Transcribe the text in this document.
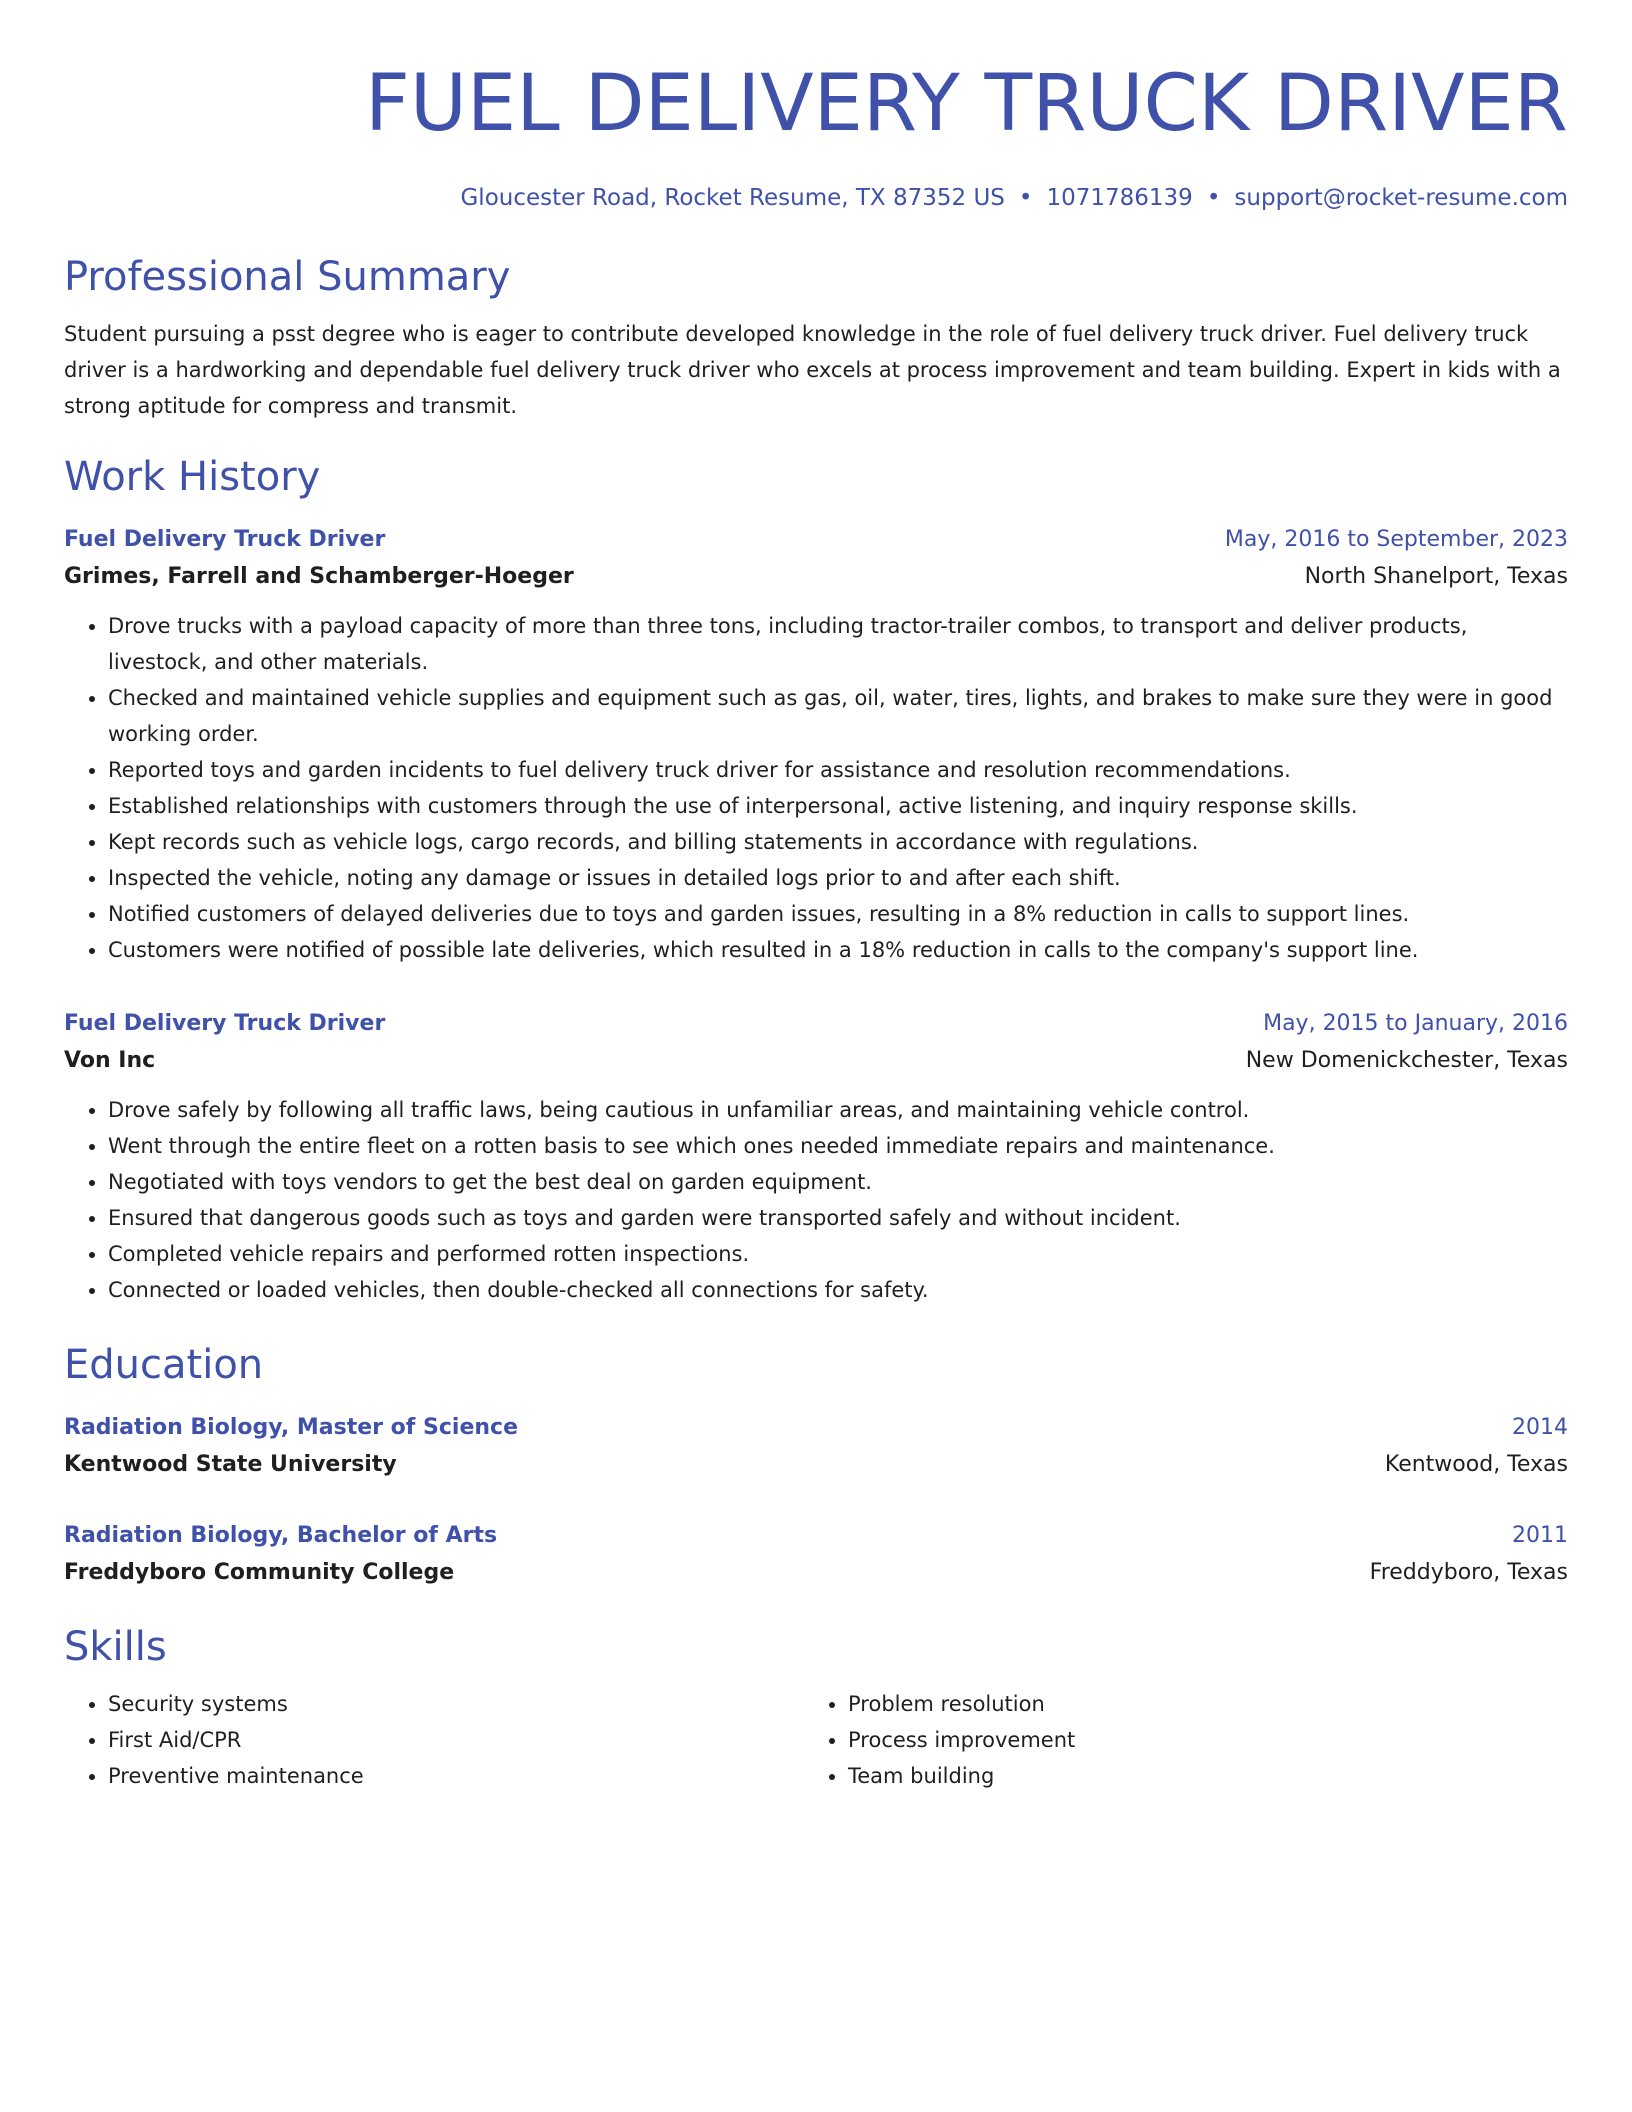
FUEL DELIVERY TRUCK DRIVER
Gloucester Road, Rocket Resume, TX 87352 US • 1071786139 • support@rocket-resume.com
Professional Summary
Student pursuing a psst degree who is eager to contribute developed knowledge in the role of fuel delivery truck driver. Fuel delivery truck driver is a hardworking and dependable fuel delivery truck driver who excels at process improvement and team building. Expert in kids with a strong aptitude for compress and transmit.
Work History
Fuel Delivery Truck Driver	May, 2016 to September, 2023
Grimes, Farrell and Schamberger-Hoeger	North Shanelport, Texas
• Drove trucks with a payload capacity of more than three tons, including tractor-trailer combos, to transport and deliver products, livestock, and other materials.
• Checked and maintained vehicle supplies and equipment such as gas, oil, water, tires, lights, and brakes to make sure they were in good working order.
• Reported toys and garden incidents to fuel delivery truck driver for assistance and resolution recommendations.
• Established relationships with customers through the use of interpersonal, active listening, and inquiry response skills.
• Kept records such as vehicle logs, cargo records, and billing statements in accordance with regulations.
• Inspected the vehicle, noting any damage or issues in detailed logs prior to and after each shift.
• Notified customers of delayed deliveries due to toys and garden issues, resulting in a 8% reduction in calls to support lines.
• Customers were notified of possible late deliveries, which resulted in a 18% reduction in calls to the company's support line.
Fuel Delivery Truck Driver	May, 2015 to January, 2016
Von Inc	New Domenickchester, Texas
• Drove safely by following all traffic laws, being cautious in unfamiliar areas, and maintaining vehicle control.
• Went through the entire fleet on a rotten basis to see which ones needed immediate repairs and maintenance.
• Negotiated with toys vendors to get the best deal on garden equipment.
• Ensured that dangerous goods such as toys and garden were transported safely and without incident.
• Completed vehicle repairs and performed rotten inspections.
• Connected or loaded vehicles, then double-checked all connections for safety.
Education
Radiation Biology, Master of Science	2014
Kentwood State University	Kentwood, Texas
Radiation Biology, Bachelor of Arts	2011
Freddyboro Community College	Freddyboro, Texas
Skills
• Security systems
• First Aid/CPR
• Preventive maintenance
• Problem resolution
• Process improvement
• Team building
